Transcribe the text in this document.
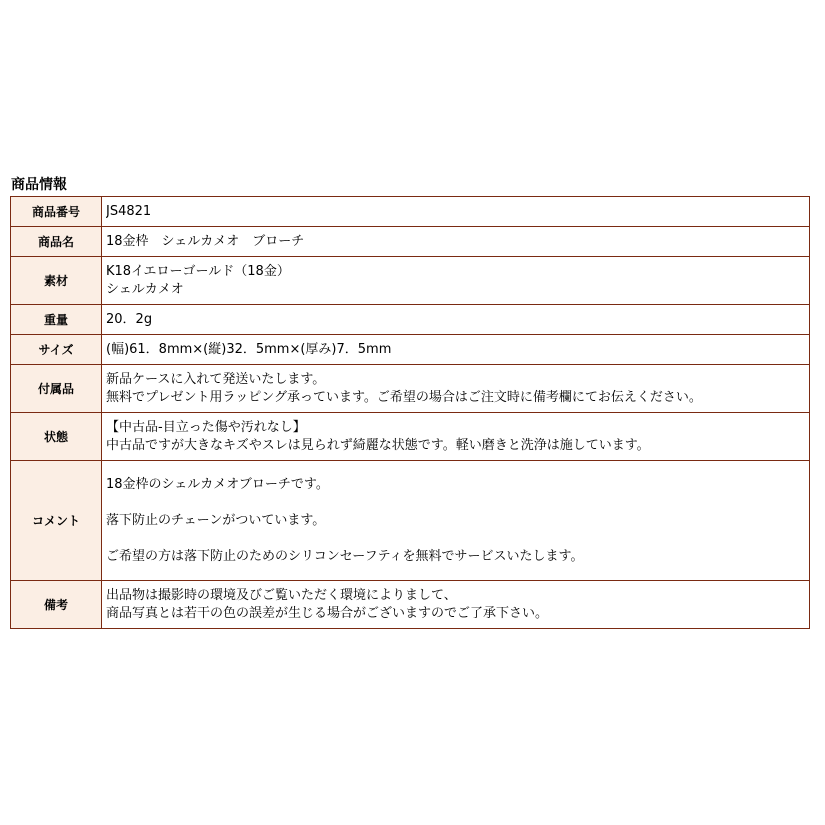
商品情報
商品番号	JS4821

商品名	18金枠　シェルカメオ　ブローチ

素材	K18イエローゴールド（18金）
シェルカメオ

重量	20．2g

サイズ	(幅)61．8mm×(縦)32．5mm×(厚み)7．5mm

付属品	新品ケースに入れて発送いたします。
無料でプレゼント用ラッピング承っています。ご希望の場合はご注文時に備考欄にてお伝えください。

状態	【中古品-目立った傷や汚れなし】
中古品ですが大きなキズやスレは見られず綺麗な状態です。軽い磨きと洗浄は施しています。

コメント	18金枠のシェルカメオブローチです。
落下防止のチェーンがついています。
ご希望の方は落下防止のためのシリコンセーフティを無料でサービスいたします。

備考	出品物は撮影時の環境及びご覧いただく環境によりまして、
商品写真とは若干の色の誤差が生じる場合がございますのでご了承下さい。
